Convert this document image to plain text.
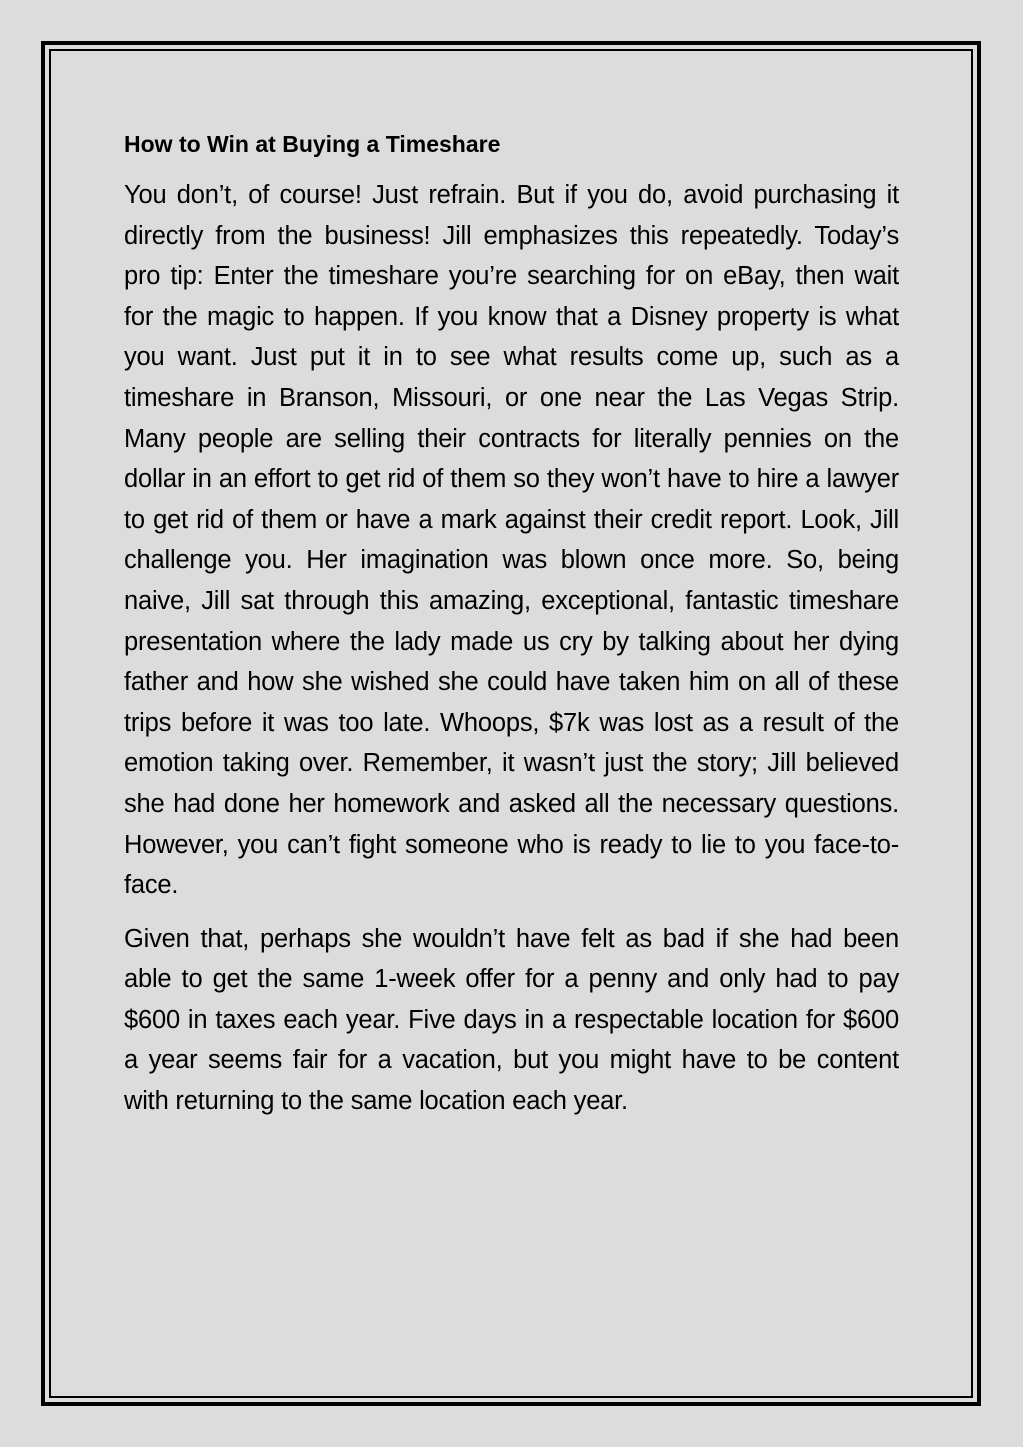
How to Win at Buying a Timeshare

You don’t, of course! Just refrain. But if you do, avoid purchasing it directly from the business! Jill emphasizes this repeatedly. Today’s pro tip: Enter the timeshare you’re searching for on eBay, then wait for the magic to happen. If you know that a Disney property is what you want. Just put it in to see what results come up, such as a timeshare in Branson, Missouri, or one near the Las Vegas Strip. Many people are selling their contracts for literally pennies on the dollar in an effort to get rid of them so they won’t have to hire a lawyer to get rid of them or have a mark against their credit report. Look, Jill challenge you. Her imagination was blown once more. So, being naive, Jill sat through this amazing, exceptional, fantastic timeshare presentation where the lady made us cry by talking about her dying father and how she wished she could have taken him on all of these trips before it was too late. Whoops, $7k was lost as a result of the emotion taking over. Remember, it wasn’t just the story; Jill believed she had done her homework and asked all the necessary questions. However, you can’t fight someone who is ready to lie to you face-to-face.

Given that, perhaps she wouldn’t have felt as bad if she had been able to get the same 1-week offer for a penny and only had to pay $600 in taxes each year. Five days in a respectable location for $600 a year seems fair for a vacation, but you might have to be content with returning to the same location each year.
